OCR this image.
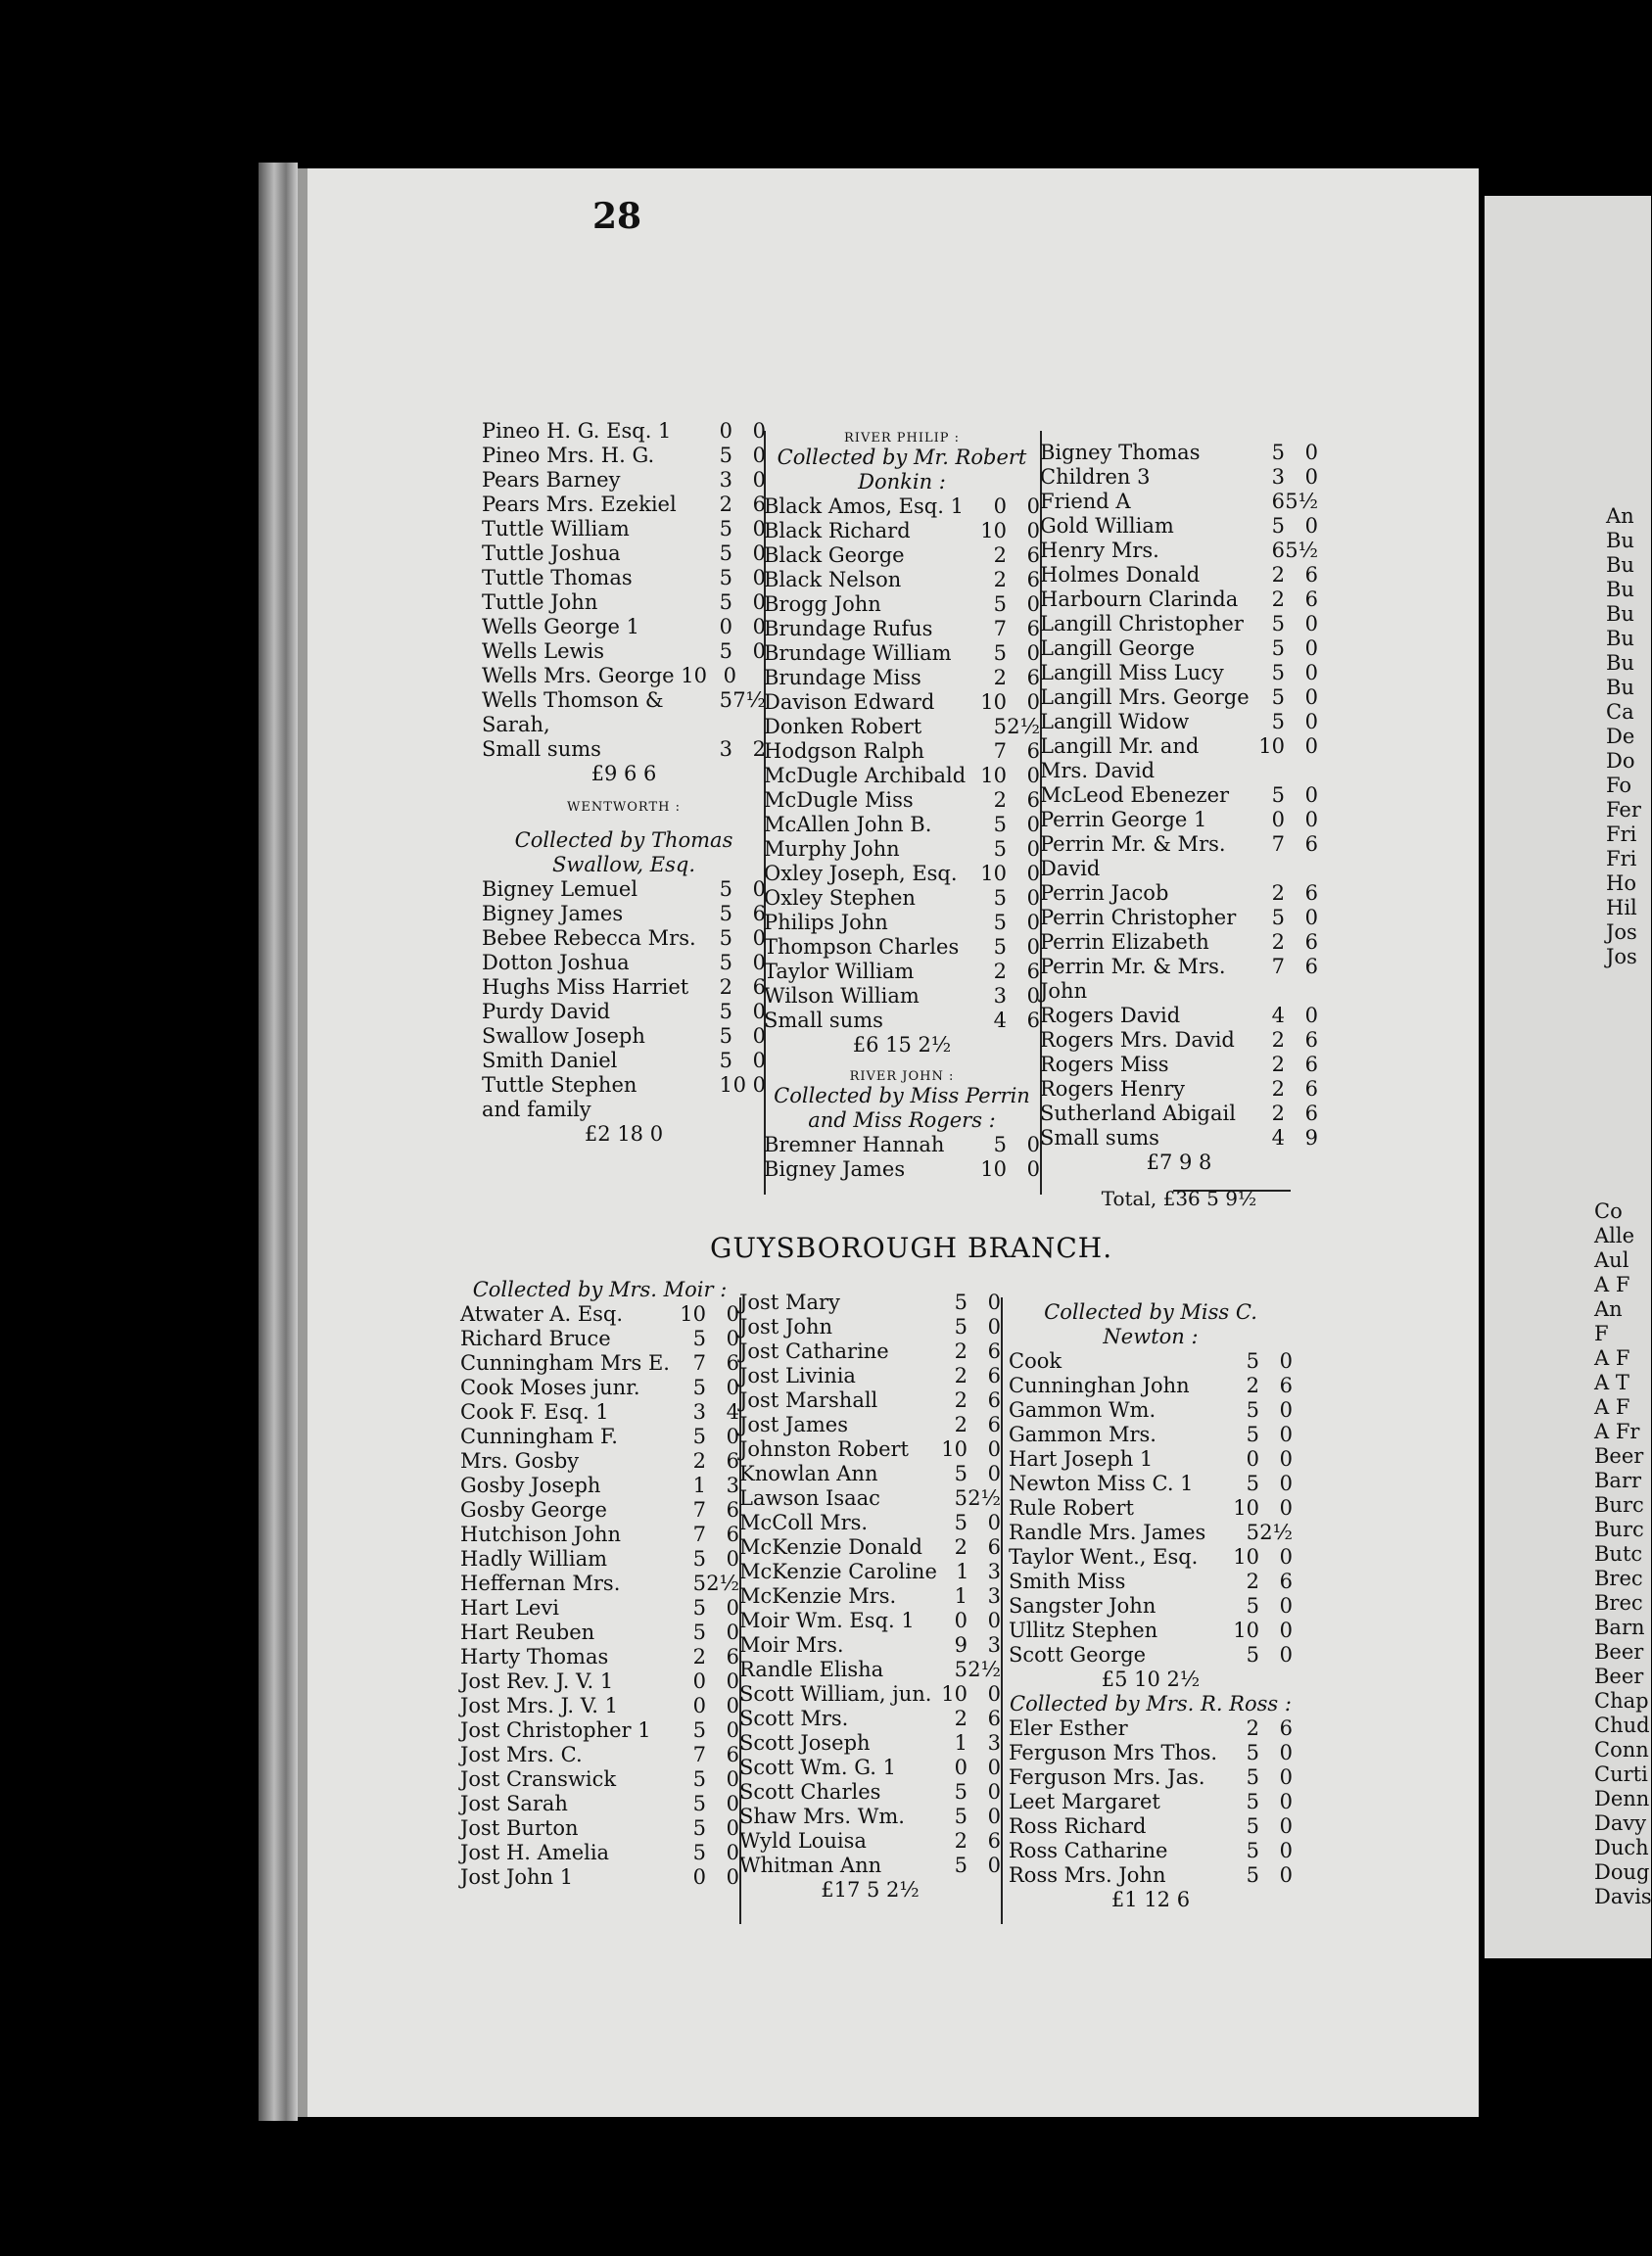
28
Pineo H. G. Esq. 1	0 0
Pineo Mrs. H. G.	5 0
Pears Barney	3 0
Pears Mrs. Ezekiel	2 6
Tuttle William	5 0
Tuttle Joshua	5 0
Tuttle Thomas	5 0
Tuttle John	5 0
Wells George 1	0 0
Wells Lewis	5 0
Wells Mrs. George 10 0
Wells Thomson &	5 7½
Sarah,
Small sums	3 2
£9 6 6
WENTWORTH :
Collected by Thomas Swallow, Esq.
Bigney Lemuel	5 0
Bigney James	5 6
Bebee Rebecca Mrs.	5 0
Dotton Joshua	5 0
Hughs Miss Harriet	2 6
Purdy David	5 0
Swallow Joseph	5 0
Smith Daniel	5 0
Tuttle Stephen	1 0 0
and family
£2 18 0
RIVER PHILIP :
Collected by Mr. Robert Donkin :
Black Amos, Esq. 1	0 0
Black Richard	10 0
Black George	2 6
Black Nelson	2 6
Brogg John	5 0
Brundage Rufus	7 6
Brundage William	5 0
Brundage Miss	2 6
Davison Edward	10 0
Donken Robert	5 2½
Hodgson Ralph	7 6
McDugle Archibald 10 0
McDugle Miss	2 6
McAllen John B.	5 0
Murphy John	5 0
Oxley Joseph, Esq.	10 0
Oxley Stephen	5 0
Philips John	5 0
Thompson Charles	5 0
Taylor William	2 6
Wilson William	3 0
Small sums	4 6
£6 15 2½
RIVER JOHN :
Collected by Miss Perrin and Miss Rogers :
Bremner Hannah	5 0
Bigney James	10 0
Bigney Thomas	5 0
Children 3	3 0
Friend A	6 5½
Gold William	5 0
Henry Mrs.	6 5½
Holmes Donald	2 6
Harbourn Clarinda	2 6
Langill Christopher	5 0
Langill George	5 0
Langill Miss Lucy	5 0
Langill Mrs. George	5 0
Langill Widow	5 0
Langill Mr. and	10 0
Mrs. David
McLeod Ebenezer	5 0
Perrin George 1	0 0
Perrin Mr. & Mrs.	7 6
David
Perrin Jacob	2 6
Perrin Christopher	5 0
Perrin Elizabeth	2 6
Perrin Mr. & Mrs.	7 6
John
Rogers David	4 0
Rogers Mrs. David	2 6
Rogers Miss	2 6
Rogers Henry	2 6
Sutherland Abigail	2 6
Small sums	4 9
£7 9 8
Total, £36 5 9½
GUYSBOROUGH BRANCH.
Collected by Mrs. Moir :
Atwater A. Esq.	10 0
Richard Bruce	5 0
Cunningham Mrs E.	7 6
Cook Moses junr.	5 0
Cook F. Esq. 1	3 4
Cunningham F.	5 0
Mrs. Gosby	2 6
Gosby Joseph	1 3
Gosby George	7 6
Hutchison John	7 6
Hadly William	5 0
Heffernan Mrs.	5 2½
Hart Levi	5 0
Hart Reuben	5 0
Harty Thomas	2 6
Jost Rev. J. V. 1	0 0
Jost Mrs. J. V. 1	0 0
Jost Christopher 1	5 0
Jost Mrs. C.	7 6
Jost Cranswick	5 0
Jost Sarah	5 0
Jost Burton	5 0
Jost H. Amelia	5 0
Jost John 1	0 0
Jost Mary	5 0
Jost John	5 0
Jost Catharine	2 6
Jost Livinia	2 6
Jost Marshall	2 6
Jost James	2 6
Johnston Robert	10 0
Knowlan Ann	5 0
Lawson Isaac	5 2½
McColl Mrs.	5 0
McKenzie Donald	2 6
McKenzie Caroline 1 3
McKenzie Mrs.	1 3
Moir Wm. Esq. 1	0 0
Moir Mrs.	9 3
Randle Elisha	5 2½
Scott William, jun. 10 0
Scott Mrs.	2 6
Scott Joseph	1 3
Scott Wm. G. 1	0 0
Scott Charles	5 0
Shaw Mrs. Wm.	5 0
Wyld Louisa	2 6
Whitman Ann	5 0
£17 5 2½
Collected by Miss C. Newton :
Cook	5 0
Cunninghan John	2 6
Gammon Wm.	5 0
Gammon Mrs.	5 0
Hart Joseph 1	0 0
Newton Miss C. 1	5 0
Rule Robert	10 0
Randle Mrs. James	5 2½
Taylor Went., Esq.	10 0
Smith Miss	2 6
Sangster John	5 0
Ullitz Stephen	10 0
Scott George	5 0
£5 10 2½
Collected by Mrs. R. Ross :
Eler Esther	2 6
Ferguson Mrs Thos.	5 0
Ferguson Mrs. Jas.	5 0
Leet Margaret	5 0
Ross Richard	5 0
Ross Catharine	5 0
Ross Mrs. John	5 0
£1 12 6
An
Bu
Bu
Bu
Bu
Bu
Bu
Bu
Ca
De
Do
Fo
Fer
Fri
Fri
Ho
Hil
Jos
Jos
Co
Alle
Aul
A F
An
F
A F
A T
A F
A Fr
Beer
Barr
Burc
Burc
Butc
Brec
Brec
Barn
Beer
Beer
Chap
Chud
Conn
Curti
Denn
Davy
Duch
Doug
Davis
